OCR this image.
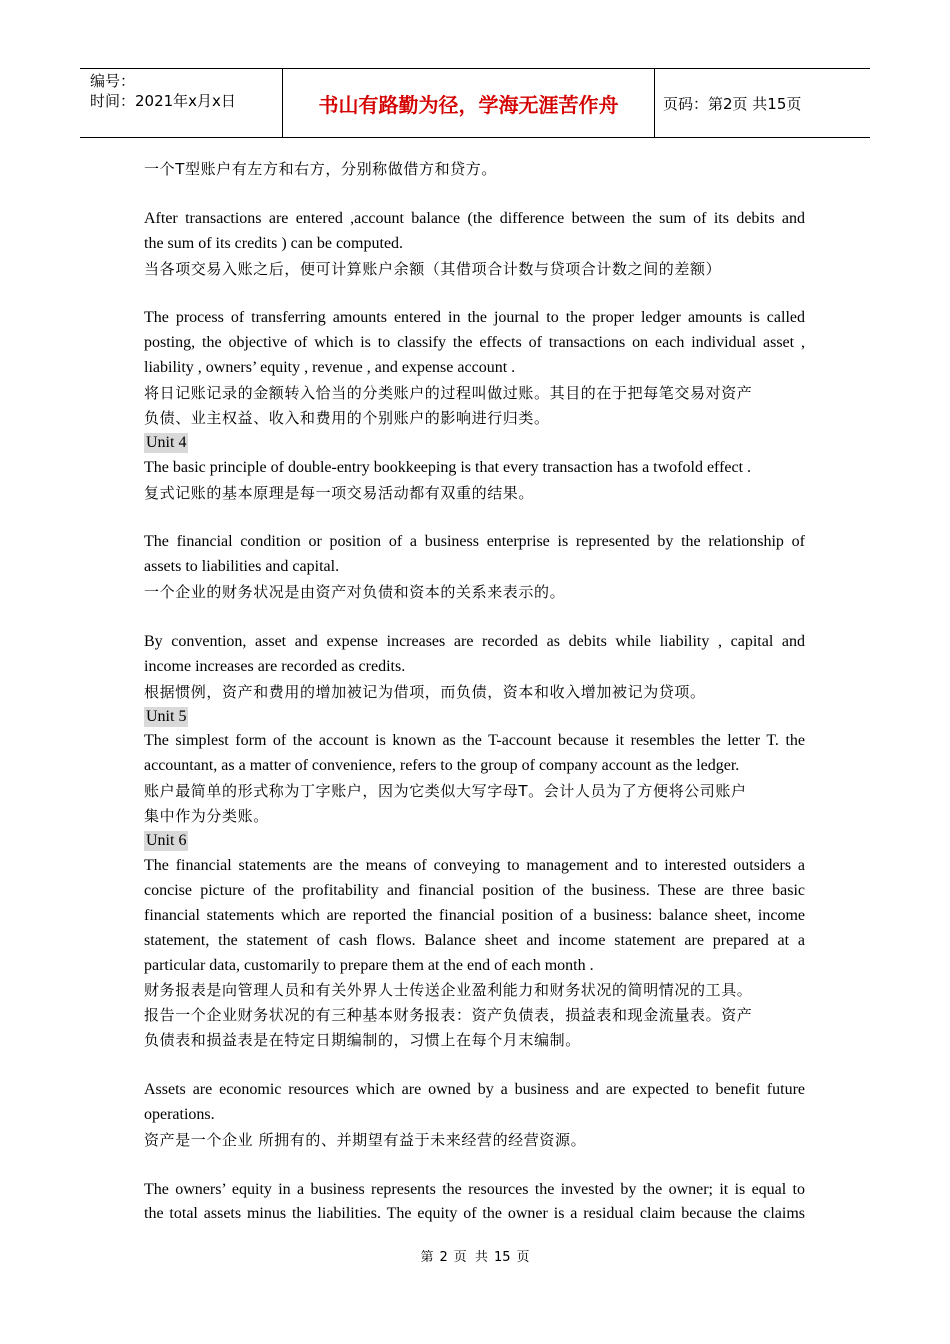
编号：
时间：2021年x月x日	书山有路勤为径，学海无涯苦作舟	页码：第2页 共15页
一个T型账户有左方和右方，分别称做借方和贷方。
After transactions are entered ,account balance (the difference between the sum of its debits and
the sum of its credits ) can be computed.
当各项交易入账之后，便可计算账户余额（其借项合计数与贷项合计数之间的差额）
The process of transferring amounts entered in the journal to the proper ledger amounts is called
posting, the objective of which is to classify the effects of transactions on each individual asset ,
liability , owners’ equity , revenue , and expense account .
将日记账记录的金额转入恰当的分类账户的过程叫做过账。其目的在于把每笔交易对资产
负债、业主权益、收入和费用的个别账户的影响进行归类。
Unit 4
The basic principle of double-entry bookkeeping is that every transaction has a twofold effect .
复式记账的基本原理是每一项交易活动都有双重的结果。
The financial condition or position of a business enterprise is represented by the relationship of
assets to liabilities and capital.
一个企业的财务状况是由资产对负债和资本的关系来表示的。
By convention, asset and expense increases are recorded as debits while liability , capital and
income increases are recorded as credits.
根据惯例，资产和费用的增加被记为借项，而负债，资本和收入增加被记为贷项。
Unit 5
The simplest form of the account is known as the T-account because it resembles the letter T. the
accountant, as a matter of convenience, refers to the group of company account as the ledger.
账户最简单的形式称为丁字账户，因为它类似大写字母T。会计人员为了方便将公司账户
集中作为分类账。
Unit 6
The financial statements are the means of conveying to management and to interested outsiders a
concise picture of the profitability and financial position of the business. These are three basic
financial statements which are reported the financial position of a business: balance sheet, income
statement, the statement of cash flows. Balance sheet and income statement are prepared at a
particular data, customarily to prepare them at the end of each month .
财务报表是向管理人员和有关外界人士传送企业盈利能力和财务状况的简明情况的工具。
报告一个企业财务状况的有三种基本财务报表：资产负债表，损益表和现金流量表。资产
负债表和损益表是在特定日期编制的，习惯上在每个月末编制。
Assets are economic resources which are owned by a business and are expected to benefit future
operations.
资产是一个企业 所拥有的、并期望有益于未来经营的经营资源。
The owners’ equity in a business represents the resources the invested by the owner; it is equal to
the total assets minus the liabilities. The equity of the owner is a residual claim because the claims
第 2 页 共 15 页
